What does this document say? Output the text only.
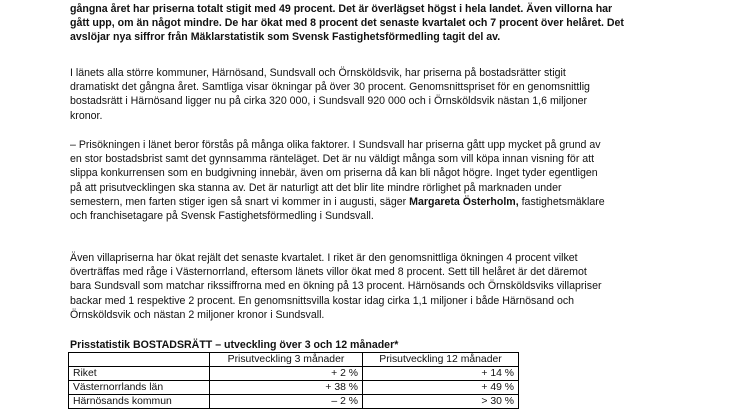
gångna året har priserna totalt stigit med 49 procent. Det är överlägset högst i hela landet. Även villorna har

gått upp, om än något mindre. De har ökat med 8 procent det senaste kvartalet och 7 procent över helåret. Det

avslöjar nya siffror från Mäklarstatistik som Svensk Fastighetsförmedling tagit del av.

I länets alla större kommuner, Härnösand, Sundsvall och Örnsköldsvik, har priserna på bostadsrätter stigit

dramatiskt det gångna året. Samtliga visar ökningar på över 30 procent. Genomsnittspriset för en genomsnittlig

bostadsrätt i Härnösand ligger nu på cirka 320 000, i Sundsvall 920 000 och i Örnsköldsvik nästan 1,6 miljoner

kronor.

– Prisökningen i länet beror förstås på många olika faktorer. I Sundsvall har priserna gått upp mycket på grund av

en stor bostadsbrist samt det gynnsamma ränteläget. Det är nu väldigt många som vill köpa innan visning för att

slippa konkurrensen som en budgivning innebär, även om priserna då kan bli något högre. Inget tyder egentligen

på att prisutvecklingen ska stanna av. Det är naturligt att det blir lite mindre rörlighet på marknaden under

semestern, men farten stiger igen så snart vi kommer in i augusti, säger Margareta Österholm, fastighetsmäklare

och franchisetagare på Svensk Fastighetsförmedling i Sundsvall.

Även villapriserna har ökat rejält det senaste kvartalet. I riket är den genomsnittliga ökningen 4 procent vilket

överträffas med råge i Västernorrland, eftersom länets villor ökat med 8 procent. Sett till helåret är det däremot

bara Sundsvall som matchar rikssiffrorna med en ökning på 13 procent. Härnösands och Örnsköldsviks villapriser

backar med 1 respektive 2 procent. En genomsnittsvilla kostar idag cirka 1,1 miljoner i både Härnösand och

Örnsköldsvik och nästan 2 miljoner kronor i Sundsvall.

Prisstatistik BOSTADSRÄTT – utveckling över 3 och 12 månader*
	Prisutveckling 3 månader	Prisutveckling 12 månader
Riket	+ 2 %	+ 14 %
Västernorrlands län	+ 38 %	+ 49 %
Härnösands kommun	– 2 %	> 30 %
